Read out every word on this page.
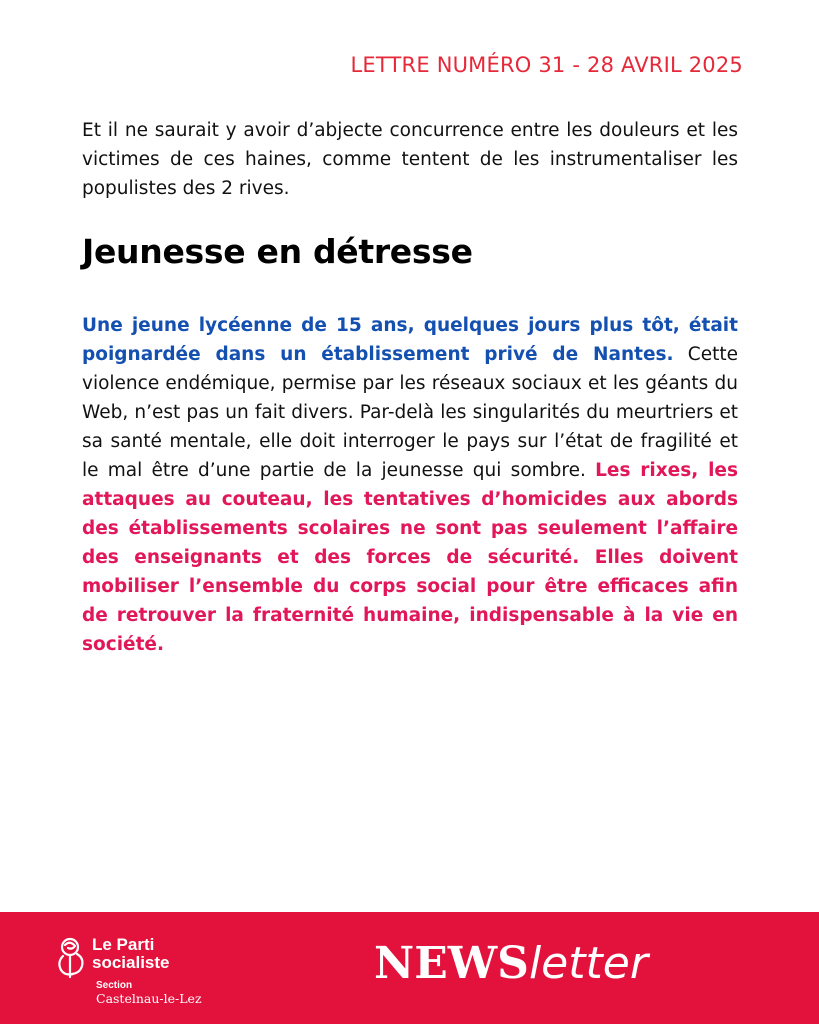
LETTRE NUMÉRO 31 - 28 AVRIL 2025

Et il ne saurait y avoir d’abjecte concurrence entre les douleurs et les victimes de ces haines, comme tentent de les instrumentaliser les populistes des 2 rives.

Jeunesse en détresse

Une jeune lycéenne de 15 ans, quelques jours plus tôt, était poignardée dans un établissement privé de Nantes. Cette violence endémique, permise par les réseaux sociaux et les géants du Web, n’est pas un fait divers. Par-delà les singularités du meurtriers et sa santé mentale, elle doit interroger le pays sur l’état de fragilité et le mal être d’une partie de la jeunesse qui sombre. Les rixes, les attaques au couteau, les tentatives d’homicides aux abords des établissements scolaires ne sont pas seulement l’affaire des enseignants et des forces de sécurité. Elles doivent mobiliser l’ensemble du corps social pour être efficaces afin de retrouver la fraternité humaine, indispensable à la vie en société.

Le Parti
socialiste
Section
Castelnau-le-Lez
NEWSletter
